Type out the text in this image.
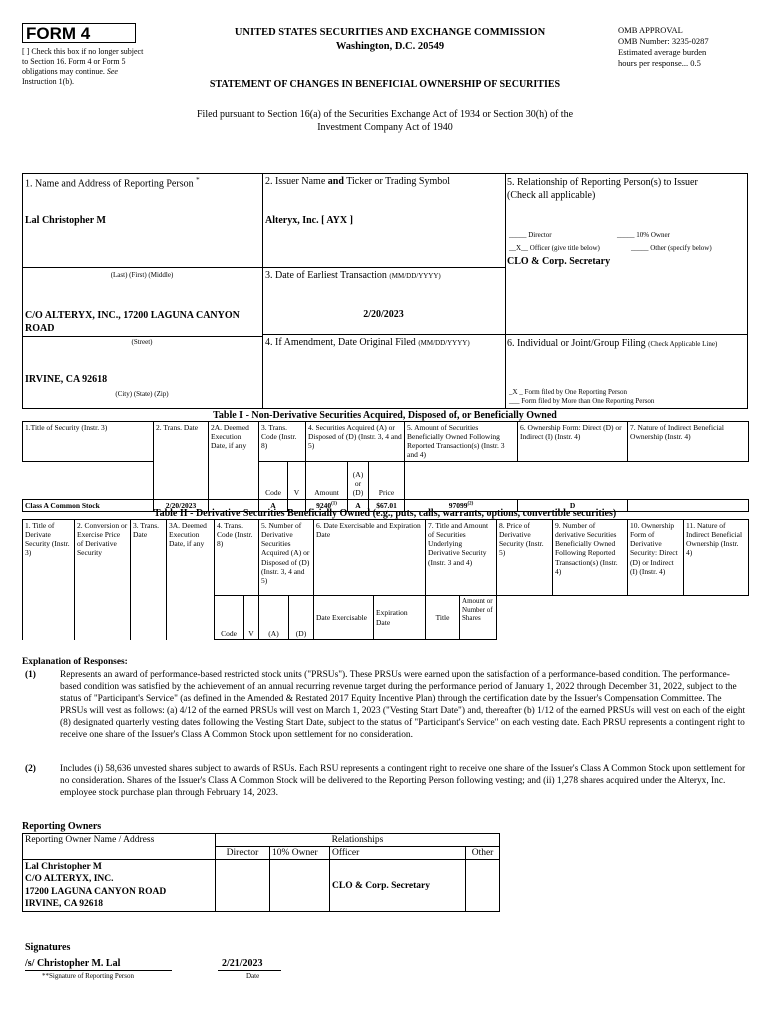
FORM 4
[ ] Check this box if no longer subject to Section 16. Form 4 or Form 5 obligations may continue. See Instruction 1(b).
UNITED STATES SECURITIES AND EXCHANGE COMMISSION
Washington, D.C. 20549
OMB APPROVAL
OMB Number: 3235-0287
Estimated average burden
hours per response... 0.5
STATEMENT OF CHANGES IN BENEFICIAL OWNERSHIP OF SECURITIES
Filed pursuant to Section 16(a) of the Securities Exchange Act of 1934 or Section 30(h) of the
Investment Company Act of 1940
1. Name and Address of Reporting Person *
Lal Christopher M
(Last) (First) (Middle)
C/O ALTERYX, INC., 17200 LAGUNA CANYON ROAD
(Street)
IRVINE, CA 92618
(City) (State) (Zip)
2. Issuer Name and Ticker or Trading Symbol
Alteryx, Inc. [ AYX ]
3. Date of Earliest Transaction (MM/DD/YYYY)
2/20/2023
4. If Amendment, Date Original Filed (MM/DD/YYYY)
5. Relationship of Reporting Person(s) to Issuer
(Check all applicable)
_____ Director	_____ 10% Owner
__X__ Officer (give title below)	_____ Other (specify below)
CLO & Corp. Secretary
6. Individual or Joint/Group Filing (Check Applicable Line)
_X _ Form filed by One Reporting Person
___ Form filed by More than One Reporting Person
Table I - Non-Derivative Securities Acquired, Disposed of, or Beneficially Owned
1.Title of Security (Instr. 3)	2. Trans. Date	2A. Deemed Execution Date, if any	3. Trans. Code (Instr. 8)		4. Securities Acquired (A) or Disposed of (D) (Instr. 3, 4 and 5)			5. Amount of Securities Beneficially Owned Following Reported Transaction(s) (Instr. 3 and 4)	6. Ownership Form: Direct (D) or Indirect (I) (Instr. 4)	7. Nature of Indirect Beneficial Ownership (Instr. 4)
			Code	V	Amount	(A) or (D)	Price			
Class A Common Stock	2/20/2023		A		9240$^{(1)}$	A	$67.01	97099$^{(2)}$	D	
Table II - Derivative Securities Beneficially Owned (e.g., puts, calls, warrants, options, convertible securities)
1. Title of Derivate Security (Instr. 3)	2. Conversion or Exercise Price of Derivative Security	3. Trans. Date	3A. Deemed Execution Date, if any	4. Trans. Code (Instr. 8)		5. Number of Derivative Securities Acquired (A) or Disposed of (D) (Instr. 3, 4 and 5)		6. Date Exercisable and Expiration Date		7. Title and Amount of Securities Underlying Derivative Security (Instr. 3 and 4)		8. Price of Derivative Security (Instr. 5)	9. Number of derivative Securities Beneficially Owned Following Reported Transaction(s) (Instr. 4)	10. Ownership Form of Derivative Security: Direct (D) or Indirect (I) (Instr. 4)	11. Nature of Indirect Beneficial Ownership (Instr. 4)
				Code	V	(A)	(D)	Date Exercisable	Expiration Date	Title	Amount or Number of Shares				
Explanation of Responses:
(1)	Represents an award of performance-based restricted stock units ("PRSUs"). These PRSUs were earned upon the satisfaction of a performance-based condition. The performance-based condition was satisfied by the achievement of an annual recurring revenue target during the performance period of January 1, 2022 through December 31, 2022, subject to the status of "Participant's Service" (as defined in the Amended & Restated 2017 Equity Incentive Plan) through the certification date by the Issuer's Compensation Committee. The PRSUs will vest as follows: (a) 4/12 of the earned PRSUs will vest on March 1, 2023 ("Vesting Start Date") and, thereafter (b) 1/12 of the earned PRSUs will vest on each of the eight (8) designated quarterly vesting dates following the Vesting Start Date, subject to the status of "Participant's Service" on each vesting date. Each PRSU represents a contingent right to receive one share of the Issuer's Class A Common Stock upon settlement for no consideration.
(2)	Includes (i) 58,636 unvested shares subject to awards of RSUs. Each RSU represents a contingent right to receive one share of the Issuer's Class A Common Stock upon settlement for no consideration. Shares of the Issuer's Class A Common Stock will be delivered to the Reporting Person following vesting; and (ii) 1,278 shares acquired under the Alteryx, Inc. employee stock purchase plan through February 14, 2023.
Reporting Owners
Reporting Owner Name / Address	Relationships			
	Director	10% Owner	Officer	Other

Lal Christopher M
C/O ALTERYX, INC.
17200 LAGUNA CANYON ROAD
IRVINE, CA 92618			CLO & Corp. Secretary	
Signatures
/s/ Christopher M. Lal	2/21/2023
**Signature of Reporting Person	Date
